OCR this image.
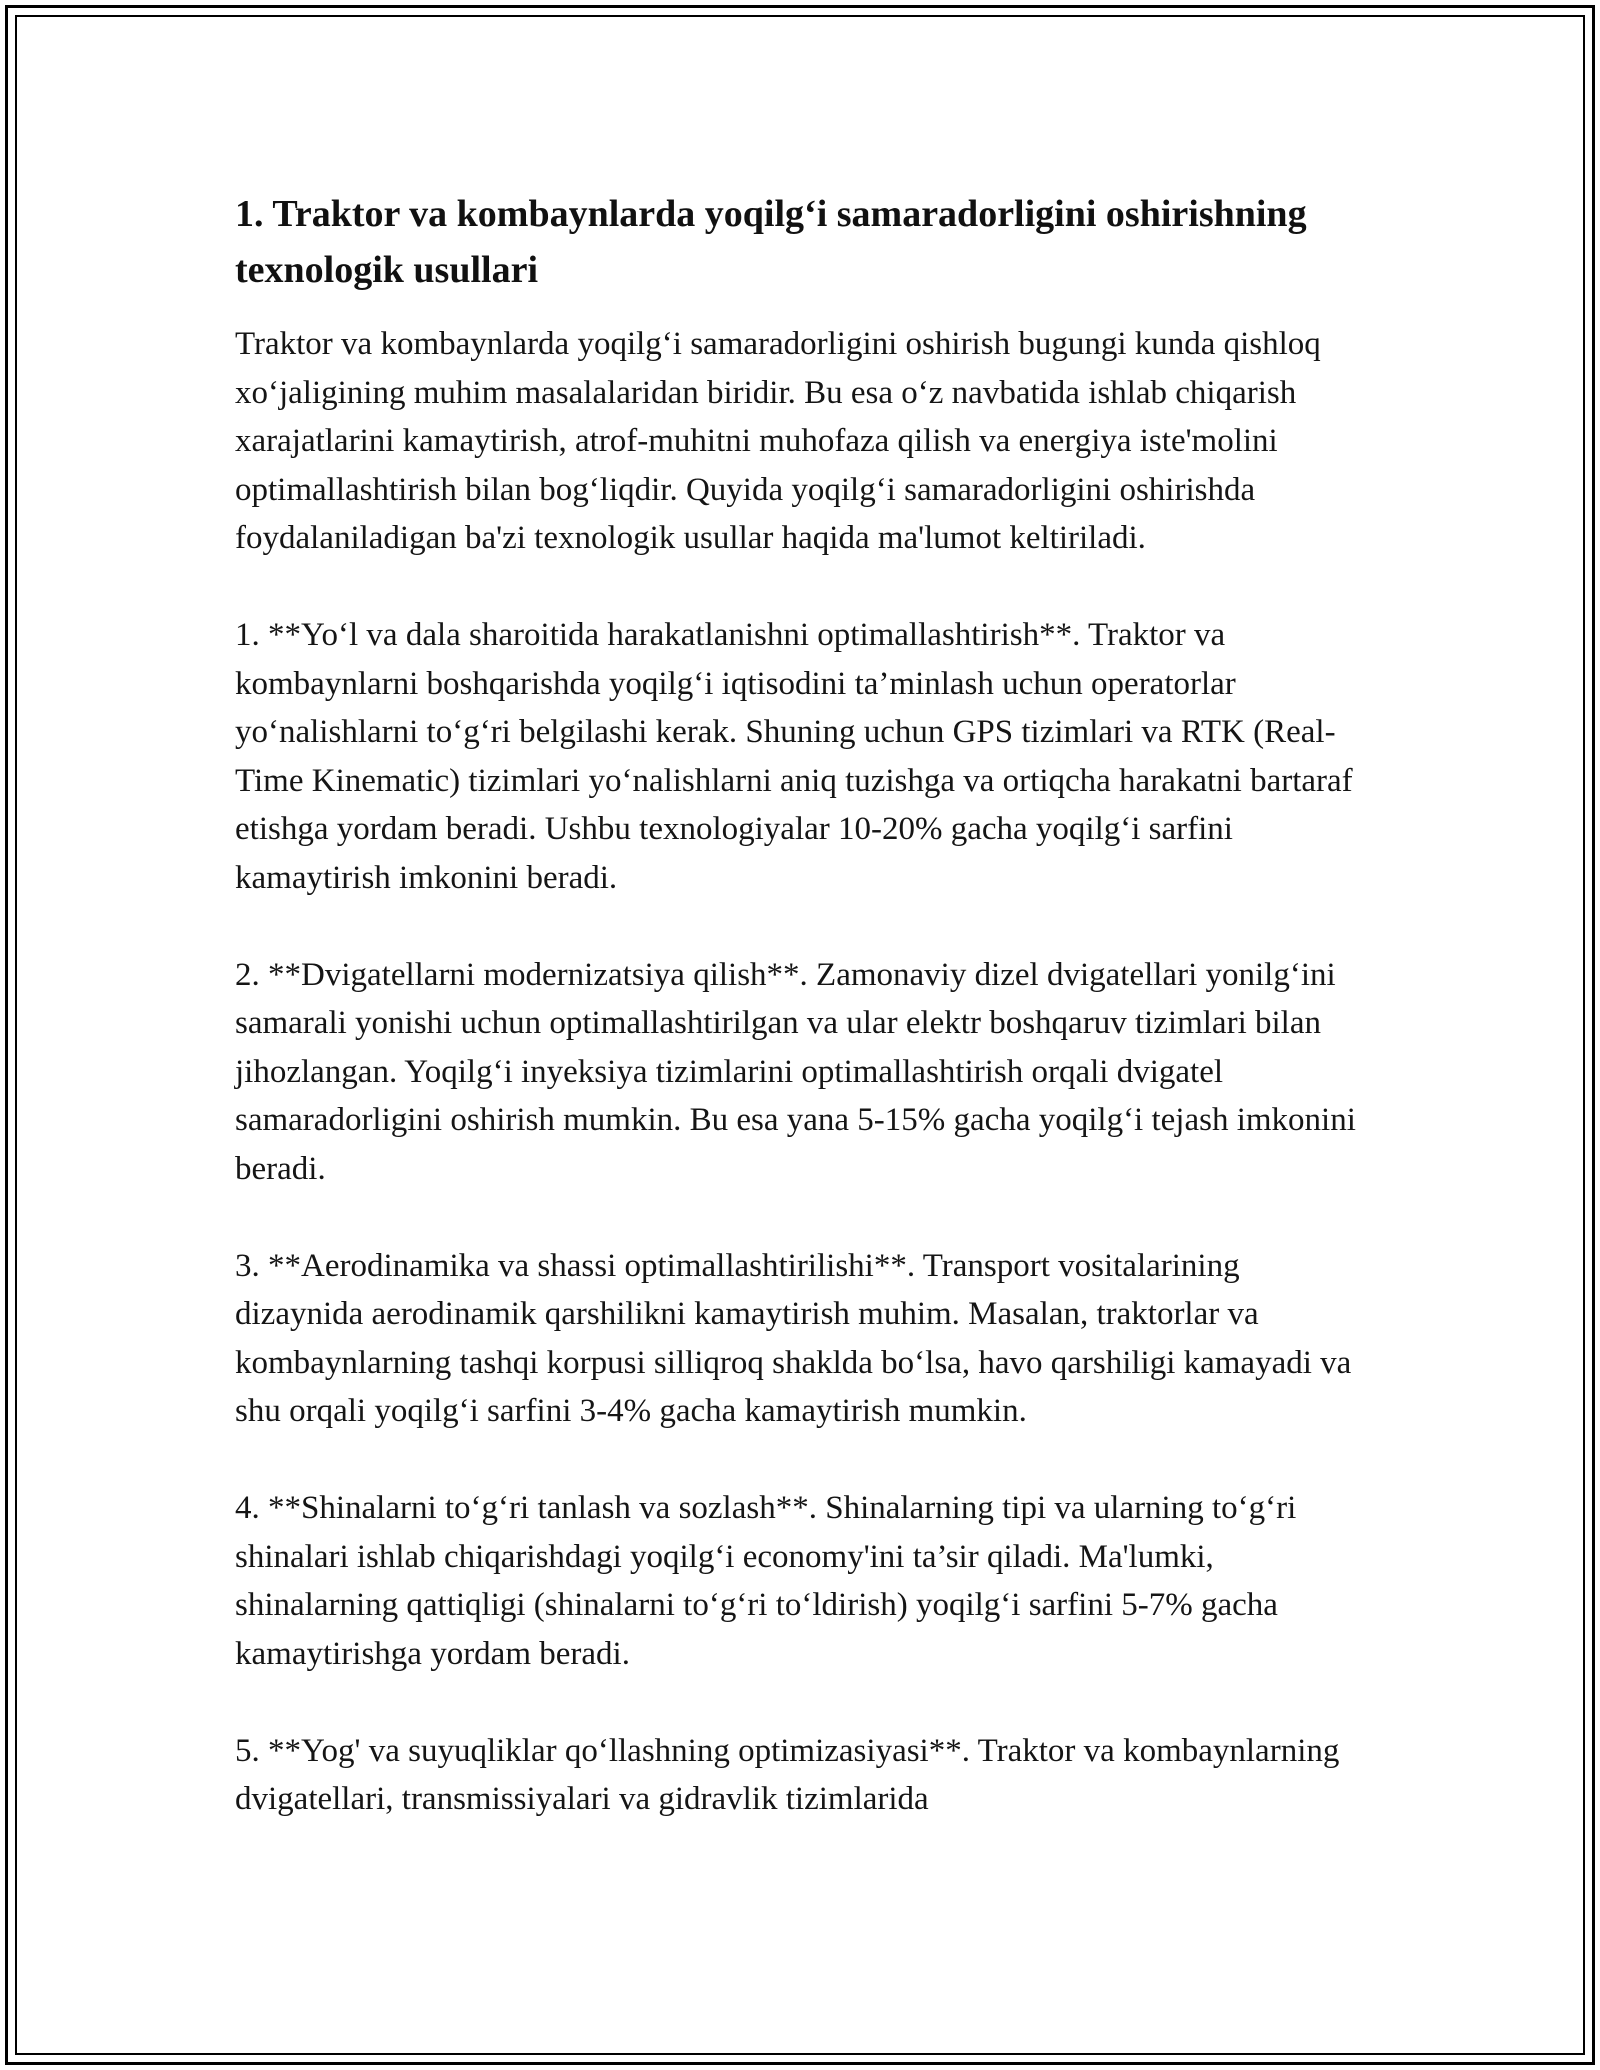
1. Traktor va kombaynlarda yoqilg‘i samaradorligini oshirishning texnologik usullari

Traktor va kombaynlarda yoqilg‘i samaradorligini oshirish bugungi kunda qishloq xo‘jaligining muhim masalalaridan biridir. Bu esa o‘z navbatida ishlab chiqarish xarajatlarini kamaytirish, atrof-muhitni muhofaza qilish va energiya iste'molini optimallashtirish bilan bog‘liqdir. Quyida yoqilg‘i samaradorligini oshirishda foydalaniladigan ba'zi texnologik usullar haqida ma'lumot keltiriladi.

1. **Yo‘l va dala sharoitida harakatlanishni optimallashtirish**. Traktor va kombaynlarni boshqarishda yoqilg‘i iqtisodini ta’minlash uchun operatorlar yo‘nalishlarni to‘g‘ri belgilashi kerak. Shuning uchun GPS tizimlari va RTK (Real-Time Kinematic) tizimlari yo‘nalishlarni aniq tuzishga va ortiqcha harakatni bartaraf etishga yordam beradi. Ushbu texnologiyalar 10-20% gacha yoqilg‘i sarfini kamaytirish imkonini beradi.

2. **Dvigatellarni modernizatsiya qilish**. Zamonaviy dizel dvigatellari yonilg‘ini samarali yonishi uchun optimallashtirilgan va ular elektr boshqaruv tizimlari bilan jihozlangan. Yoqilg‘i inyeksiya tizimlarini optimallashtirish orqali dvigatel samaradorligini oshirish mumkin. Bu esa yana 5-15% gacha yoqilg‘i tejash imkonini beradi.

3. **Aerodinamika va shassi optimallashtirilishi**. Transport vositalarining dizaynida aerodinamik qarshilikni kamaytirish muhim. Masalan, traktorlar va kombaynlarning tashqi korpusi silliqroq shaklda bo‘lsa, havo qarshiligi kamayadi va shu orqali yoqilg‘i sarfini 3-4% gacha kamaytirish mumkin.

4. **Shinalarni to‘g‘ri tanlash va sozlash**. Shinalarning tipi va ularning to‘g‘ri shinalari ishlab chiqarishdagi yoqilg‘i economy'ini ta’sir qiladi. Ma'lumki, shinalarning qattiqligi (shinalarni to‘g‘ri to‘ldirish) yoqilg‘i sarfini 5-7% gacha kamaytirishga yordam beradi.

5. **Yog' va suyuqliklar qo‘llashning optimizasiyasi**. Traktor va kombaynlarning dvigatellari, transmissiyalari va gidravlik tizimlarida
